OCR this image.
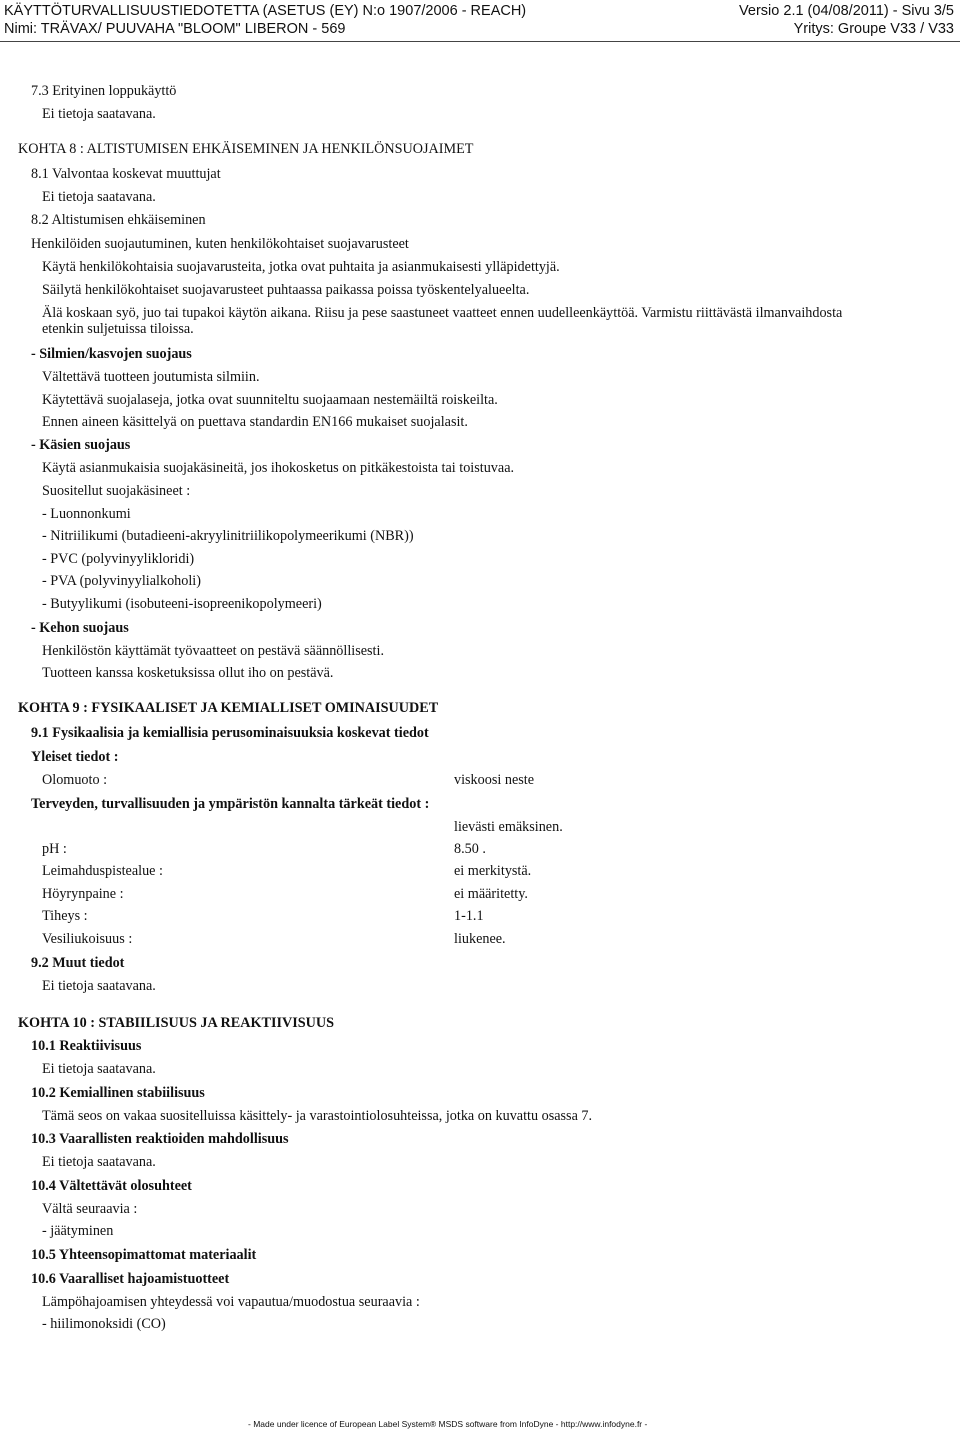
KÄYTTÖTURVALLISUUSTIEDOTETTA (ASETUS (EY) N:o 1907/2006 - REACH)
Nimi: TRÄVAX/ PUUVAHA "BLOOM" LIBERON - 569
Versio 2.1 (04/08/2011) - Sivu 3/5
Yritys: Groupe V33 / V33
7.3 Erityinen loppukäyttö
Ei tietoja saatavana.
KOHTA 8 : ALTISTUMISEN EHKÄISEMINEN JA HENKILÖNSUOJAIMET
8.1 Valvontaa koskevat muuttujat
Ei tietoja saatavana.
8.2 Altistumisen ehkäiseminen
Henkilöiden suojautuminen, kuten henkilökohtaiset suojavarusteet
Käytä henkilökohtaisia suojavarusteita, jotka ovat puhtaita ja asianmukaisesti ylläpidettyjä.
Säilytä henkilökohtaiset suojavarusteet puhtaassa paikassa poissa työskentelyalueelta.
Älä koskaan syö, juo tai tupakoi käytön aikana. Riisu ja pese saastuneet vaatteet ennen uudelleenkäyttöä. Varmistu riittävästä ilmanvaihdosta
etenkin suljetuissa tiloissa.
- Silmien/kasvojen suojaus
Vältettävä tuotteen joutumista silmiin.
Käytettävä suojalaseja, jotka ovat suunniteltu suojaamaan nestemäiltä roiskeilta.
Ennen aineen käsittelyä on puettava standardin EN166 mukaiset suojalasit.
- Käsien suojaus
Käytä asianmukaisia suojakäsineitä, jos ihokosketus on pitkäkestoista tai toistuvaa.
Suositellut suojakäsineet :
- Luonnonkumi
- Nitriilikumi (butadieeni-akryylinitriilikopolymeerikumi (NBR))
- PVC (polyvinyylikloridi)
- PVA (polyvinyylialkoholi)
- Butyylikumi (isobuteeni-isopreenikopolymeeri)
- Kehon suojaus
Henkilöstön käyttämät työvaatteet on pestävä säännöllisesti.
Tuotteen kanssa kosketuksissa ollut iho on pestävä.
KOHTA 9 : FYSIKAALISET JA KEMIALLISET OMINAISUUDET
9.1 Fysikaalisia ja kemiallisia perusominaisuuksia koskevat tiedot
Yleiset tiedot :
Olomuoto :	viskoosi neste
Terveyden, turvallisuuden ja ympäristön kannalta tärkeät tiedot :
lievästi emäksinen.
pH :	8.50 .
Leimahduspistealue :	ei merkitystä.
Höyrynpaine :	ei määritetty.
Tiheys :	1-1.1
Vesiliukoisuus :	liukenee.
9.2 Muut tiedot
Ei tietoja saatavana.
KOHTA 10 : STABIILISUUS JA REAKTIIVISUUS
10.1 Reaktiivisuus
Ei tietoja saatavana.
10.2 Kemiallinen stabiilisuus
Tämä seos on vakaa suositelluissa käsittely- ja varastointiolosuhteissa, jotka on kuvattu osassa 7.
10.3 Vaarallisten reaktioiden mahdollisuus
Ei tietoja saatavana.
10.4 Vältettävät olosuhteet
Vältä seuraavia :
- jäätyminen
10.5 Yhteensopimattomat materiaalit
10.6 Vaaralliset hajoamistuotteet
Lämpöhajoamisen yhteydessä voi vapautua/muodostua seuraavia :
- hiilimonoksidi (CO)
- Made under licence of European Label System® MSDS software from InfoDyne - http://www.infodyne.fr -
